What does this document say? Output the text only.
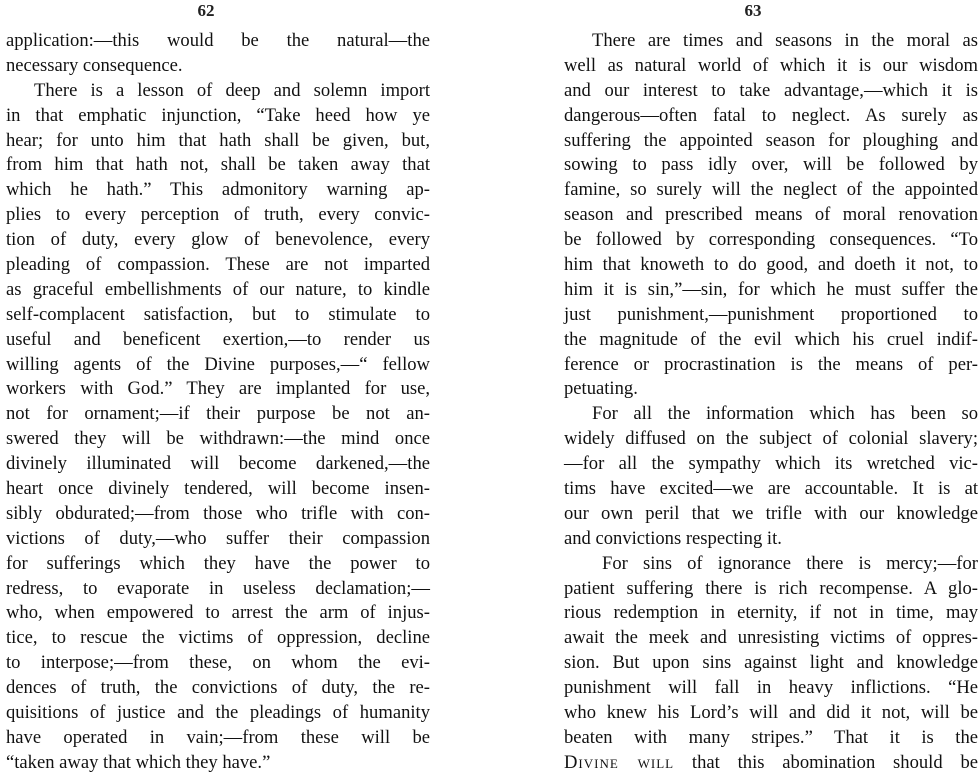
62
application:—this would be the natural—the
necessary consequence.
There is a lesson of deep and solemn import
in that emphatic injunction, “Take heed how ye
hear; for unto him that hath shall be given, but,
from him that hath not, shall be taken away that
which he hath.” This admonitory warning ap-
plies to every perception of truth, every convic-
tion of duty, every glow of benevolence, every
pleading of compassion. These are not imparted
as graceful embellishments of our nature, to kindle
self-complacent satisfaction, but to stimulate to
useful and beneficent exertion,—to render us
willing agents of the Divine purposes,—“ fellow
workers with God.” They are implanted for use,
not for ornament;—if their purpose be not an-
swered they will be withdrawn:—the mind once
divinely illuminated will become darkened,—the
heart once divinely tendered, will become insen-
sibly obdurated;—from those who trifle with con-
victions of duty,—who suffer their compassion
for sufferings which they have the power to
redress, to evaporate in useless declamation;—
who, when empowered to arrest the arm of injus-
tice, to rescue the victims of oppression, decline
to interpose;—from these, on whom the evi-
dences of truth, the convictions of duty, the re-
quisitions of justice and the pleadings of humanity
have operated in vain;—from these will be
“taken away that which they have.”
63
There are times and seasons in the moral as
well as natural world of which it is our wisdom
and our interest to take advantage,—which it is
dangerous—often fatal to neglect. As surely as
suffering the appointed season for ploughing and
sowing to pass idly over, will be followed by
famine, so surely will the neglect of the appointed
season and prescribed means of moral renovation
be followed by corresponding consequences. “To
him that knoweth to do good, and doeth it not, to
him it is sin,”—sin, for which he must suffer the
just punishment,—punishment proportioned to
the magnitude of the evil which his cruel indif-
ference or procrastination is the means of per-
petuating.
For all the information which has been so
widely diffused on the subject of colonial slavery;
—for all the sympathy which its wretched vic-
tims have excited—we are accountable. It is at
our own peril that we trifle with our knowledge
and convictions respecting it.
For sins of ignorance there is mercy;—for
patient suffering there is rich recompense. A glo-
rious redemption in eternity, if not in time, may
await the meek and unresisting victims of oppres-
sion. But upon sins against light and knowledge
punishment will fall in heavy inflictions. “He
who knew his Lord’s will and did it not, will be
beaten with many stripes.” That it is the
Divine will that this abomination should be
